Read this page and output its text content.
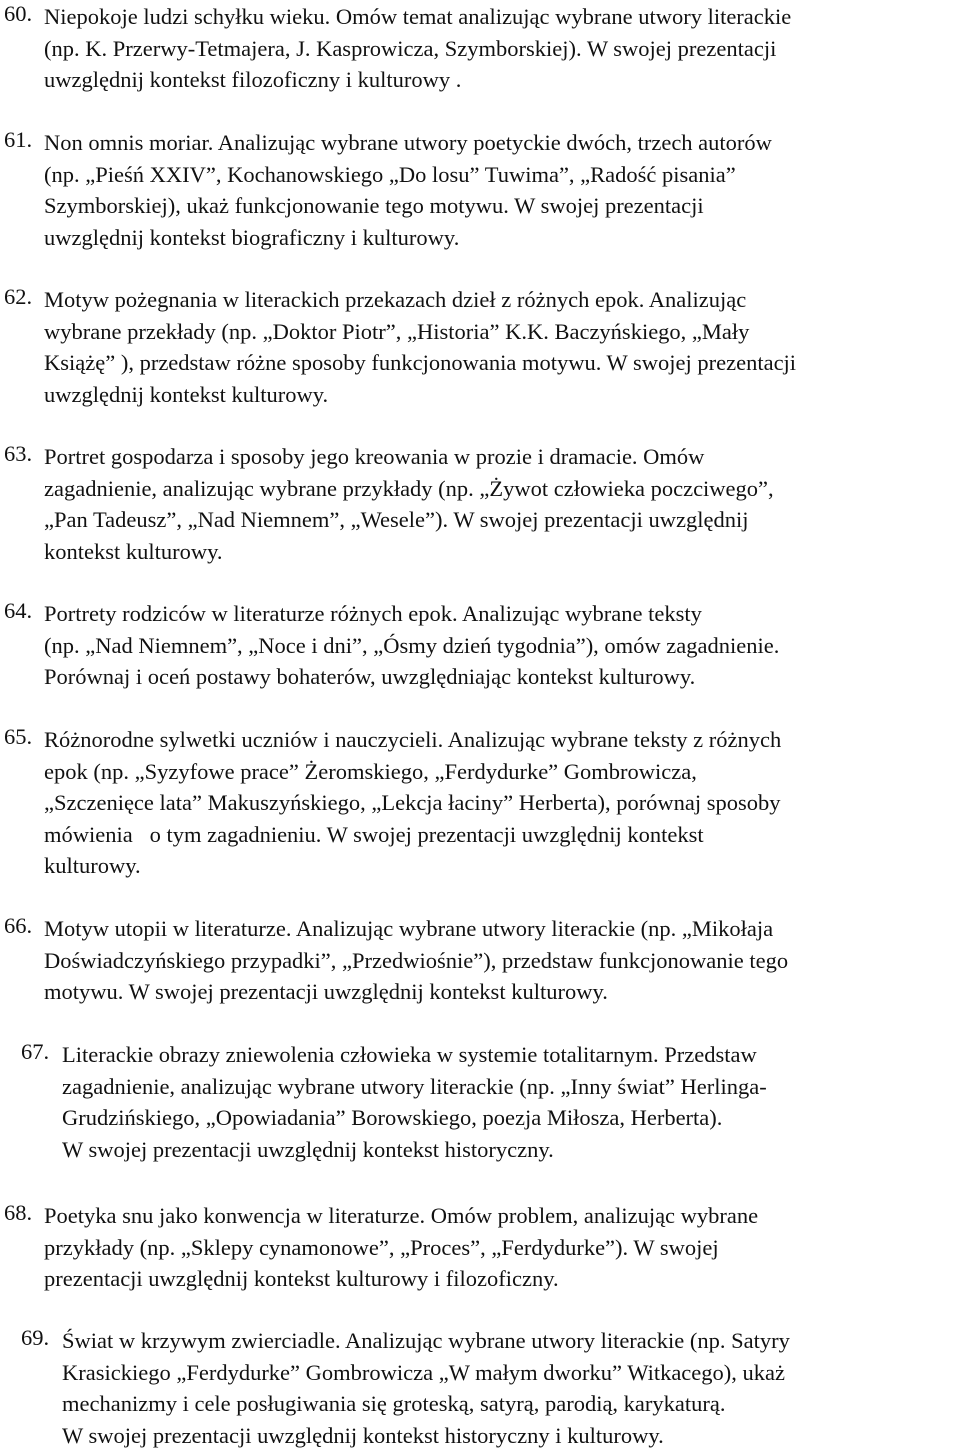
60. Niepokoje ludzi schyłku wieku. Omów temat analizując wybrane utwory literackie
(np. K. Przerwy-Tetmajera, J. Kasprowicza, Szymborskiej). W swojej prezentacji
uwzględnij kontekst filozoficzny i kulturowy .
61. Non omnis moriar. Analizując wybrane utwory poetyckie dwóch, trzech autorów
(np. „Pieśń XXIV”, Kochanowskiego „Do losu” Tuwima”, „Radość pisania”
Szymborskiej), ukaż funkcjonowanie tego motywu. W swojej prezentacji
uwzględnij kontekst biograficzny i kulturowy.
62. Motyw pożegnania w literackich przekazach dzieł z różnych epok. Analizując
wybrane przekłady (np. „Doktor Piotr”, „Historia” K.K. Baczyńskiego, „Mały
Książę” ), przedstaw różne sposoby funkcjonowania motywu. W swojej prezentacji
uwzględnij kontekst kulturowy.
63. Portret gospodarza i sposoby jego kreowania w prozie i dramacie. Omów
zagadnienie, analizując wybrane przykłady (np. „Żywot człowieka poczciwego”,
„Pan Tadeusz”, „Nad Niemnem”, „Wesele”). W swojej prezentacji uwzględnij
kontekst kulturowy.
64. Portrety rodziców w literaturze różnych epok. Analizując wybrane teksty
(np. „Nad Niemnem”, „Noce i dni”, „Ósmy dzień tygodnia”), omów zagadnienie.
Porównaj i oceń postawy bohaterów, uwzględniając kontekst kulturowy.
65. Różnorodne sylwetki uczniów i nauczycieli. Analizując wybrane teksty z różnych
epok (np. „Syzyfowe prace” Żeromskiego, „Ferdydurke” Gombrowicza,
„Szczenięce lata” Makuszyńskiego, „Lekcja łaciny” Herberta), porównaj sposoby
mówienia   o tym zagadnieniu. W swojej prezentacji uwzględnij kontekst
kulturowy.
66. Motyw utopii w literaturze. Analizując wybrane utwory literackie (np. „Mikołaja
Doświadczyńskiego przypadki”, „Przedwiośnie”), przedstaw funkcjonowanie tego
motywu. W swojej prezentacji uwzględnij kontekst kulturowy.
67. Literackie obrazy zniewolenia człowieka w systemie totalitarnym. Przedstaw
zagadnienie, analizując wybrane utwory literackie (np. „Inny świat” Herlinga-
Grudzińskiego, „Opowiadania” Borowskiego, poezja Miłosza, Herberta).
W swojej prezentacji uwzględnij kontekst historyczny.
68. Poetyka snu jako konwencja w literaturze. Omów problem, analizując wybrane
przykłady (np. „Sklepy cynamonowe”, „Proces”, „Ferdydurke”). W swojej
prezentacji uwzględnij kontekst kulturowy i filozoficzny.
69. Świat w krzywym zwierciadle. Analizując wybrane utwory literackie (np. Satyry
Krasickiego „Ferdydurke” Gombrowicza „W małym dworku” Witkacego), ukaż
mechanizmy i cele posługiwania się groteską, satyrą, parodią, karykaturą.
W swojej prezentacji uwzględnij kontekst historyczny i kulturowy.
